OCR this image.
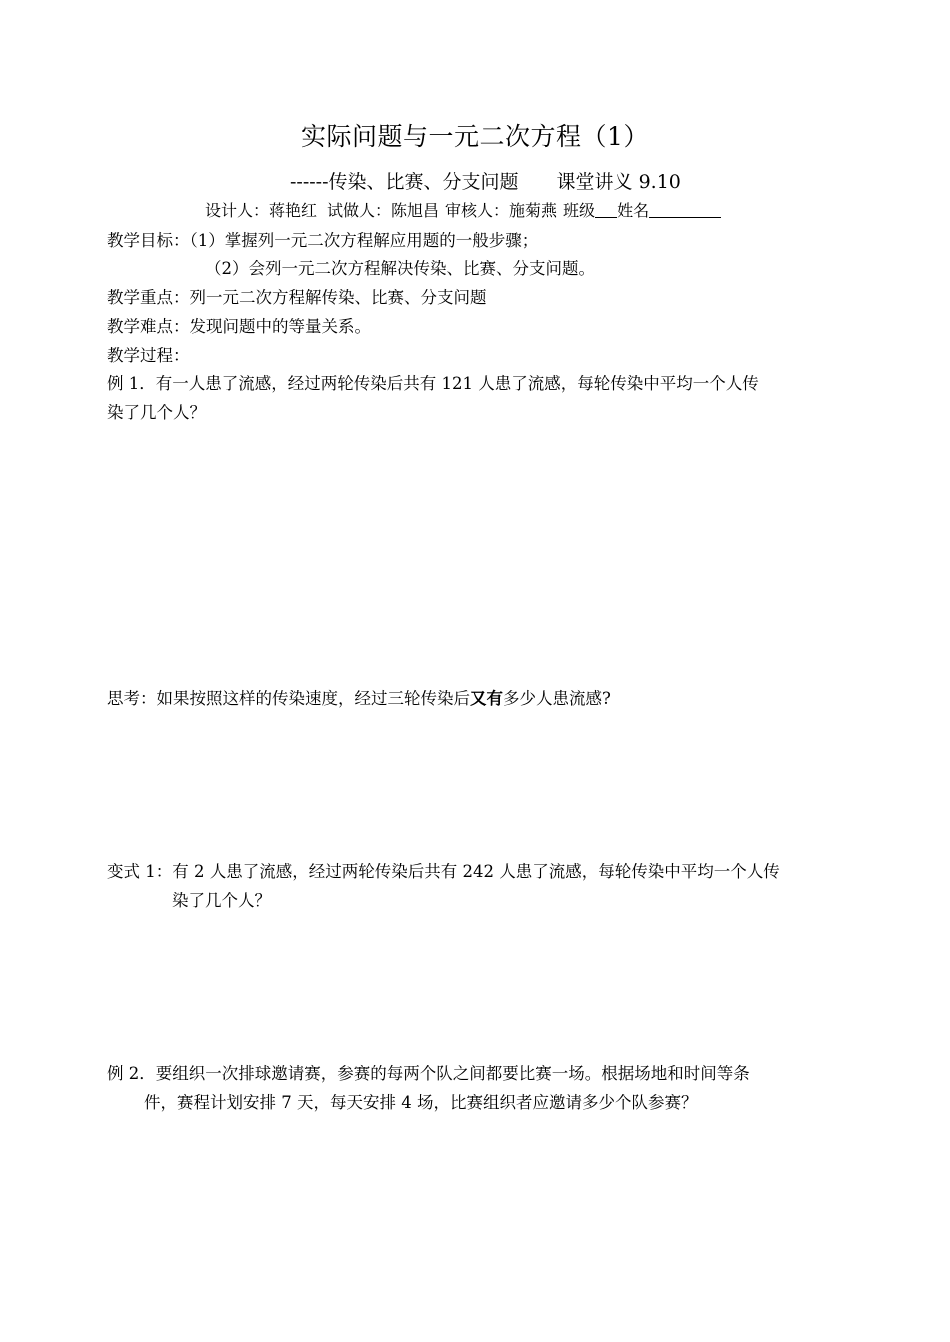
实际问题与一元二次方程（1）
------传染、比赛、分支问题 课堂讲义 9.10
设计人：蒋艳红 试做人：陈旭昌 审核人：施菊燕 班级 姓名
教学目标：（1）掌握列一元二次方程解应用题的一般步骤；
（2）会列一元二次方程解决传染、比赛、分支问题。
教学重点：列一元二次方程解传染、比赛、分支问题
教学难点：发现问题中的等量关系。
教学过程：
例 1．有一人患了流感，经过两轮传染后共有 121 人患了流感，每轮传染中平均一个人传
染了几个人？
思考：如果按照这样的传染速度，经过三轮传染后又有多少人患流感?
变式 1：有 2 人患了流感，经过两轮传染后共有 242 人患了流感，每轮传染中平均一个人传
染了几个人？
例 2．要组织一次排球邀请赛，参赛的每两个队之间都要比赛一场。根据场地和时间等条
件，赛程计划安排 7 天，每天安排 4 场，比赛组织者应邀请多少个队参赛？
